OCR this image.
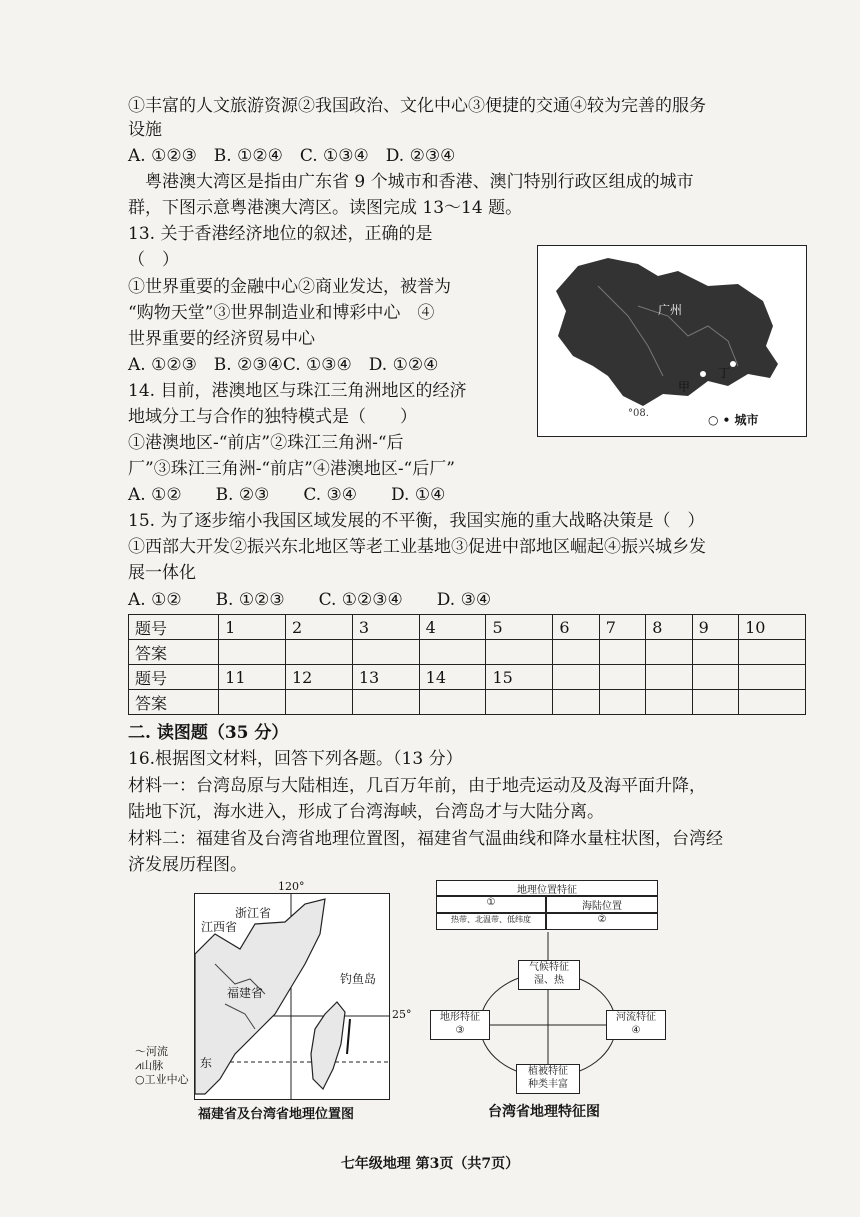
①丰富的人文旅游资源②我国政治、文化中心③便捷的交通④较为完善的服务
设施
A. ①②③　B. ①②④　C. ①③④　D. ②③④
　粤港澳大湾区是指由广东省 9 个城市和香港、澳门特别行政区组成的城市
群，下图示意粤港澳大湾区。读图完成 13～14 题。
13. 关于香港经济地位的叙述，正确的是
（　）
①世界重要的金融中心②商业发达，被誉为
“购物天堂”③世界制造业和博彩中心　④
世界重要的经济贸易中心
A. ①②③　B. ②③④C. ①③④　D. ①②④
14. 目前，港澳地区与珠江三角洲地区的经济
地域分工与合作的独特模式是（　　）
①港澳地区-“前店”②珠江三角洲-“后
厂”③珠江三角洲-“前店”④港澳地区-“后厂”
A. ①②　　B. ②③　　C. ③④　　D. ①④
°08.
广州
甲
丁
○ • 城市
15. 为了逐步缩小我国区域发展的不平衡，我国实施的重大战略决策是（　）
①西部大开发②振兴东北地区等老工业基地③促进中部地区崛起④振兴城乡发
展一体化
A. ①②　　B. ①②③　　C. ①②③④　　D. ③④
题号	1	2	3	4	5	6	7	8	9	10
答案										
题号	11	12	13	14	15					
答案										
二. 读图题（35 分）
16.根据图文材料，回答下列各题。（13 分）
材料一：台湾岛原与大陆相连，几百万年前，由于地壳运动及及海平面升降，
陆地下沉，海水进入，形成了台湾海峡，台湾岛才与大陆分离。
材料二：福建省及台湾省地理位置图，福建省气温曲线和降水量柱状图，台湾经
济发展历程图。
120°
江西省
浙江省
福建省
钓鱼岛
东
25°
〜河流
⩘山脉
○工业中心
福建省及台湾省地理位置图
地理位置特征
①	海陆位置
热带、北温带、低纬度	②
气候特征
湿、热
地形特征
③
河流特征
④
植被特征
种类丰富
台湾省地理特征图
七年级地理 第3页（共7页）
